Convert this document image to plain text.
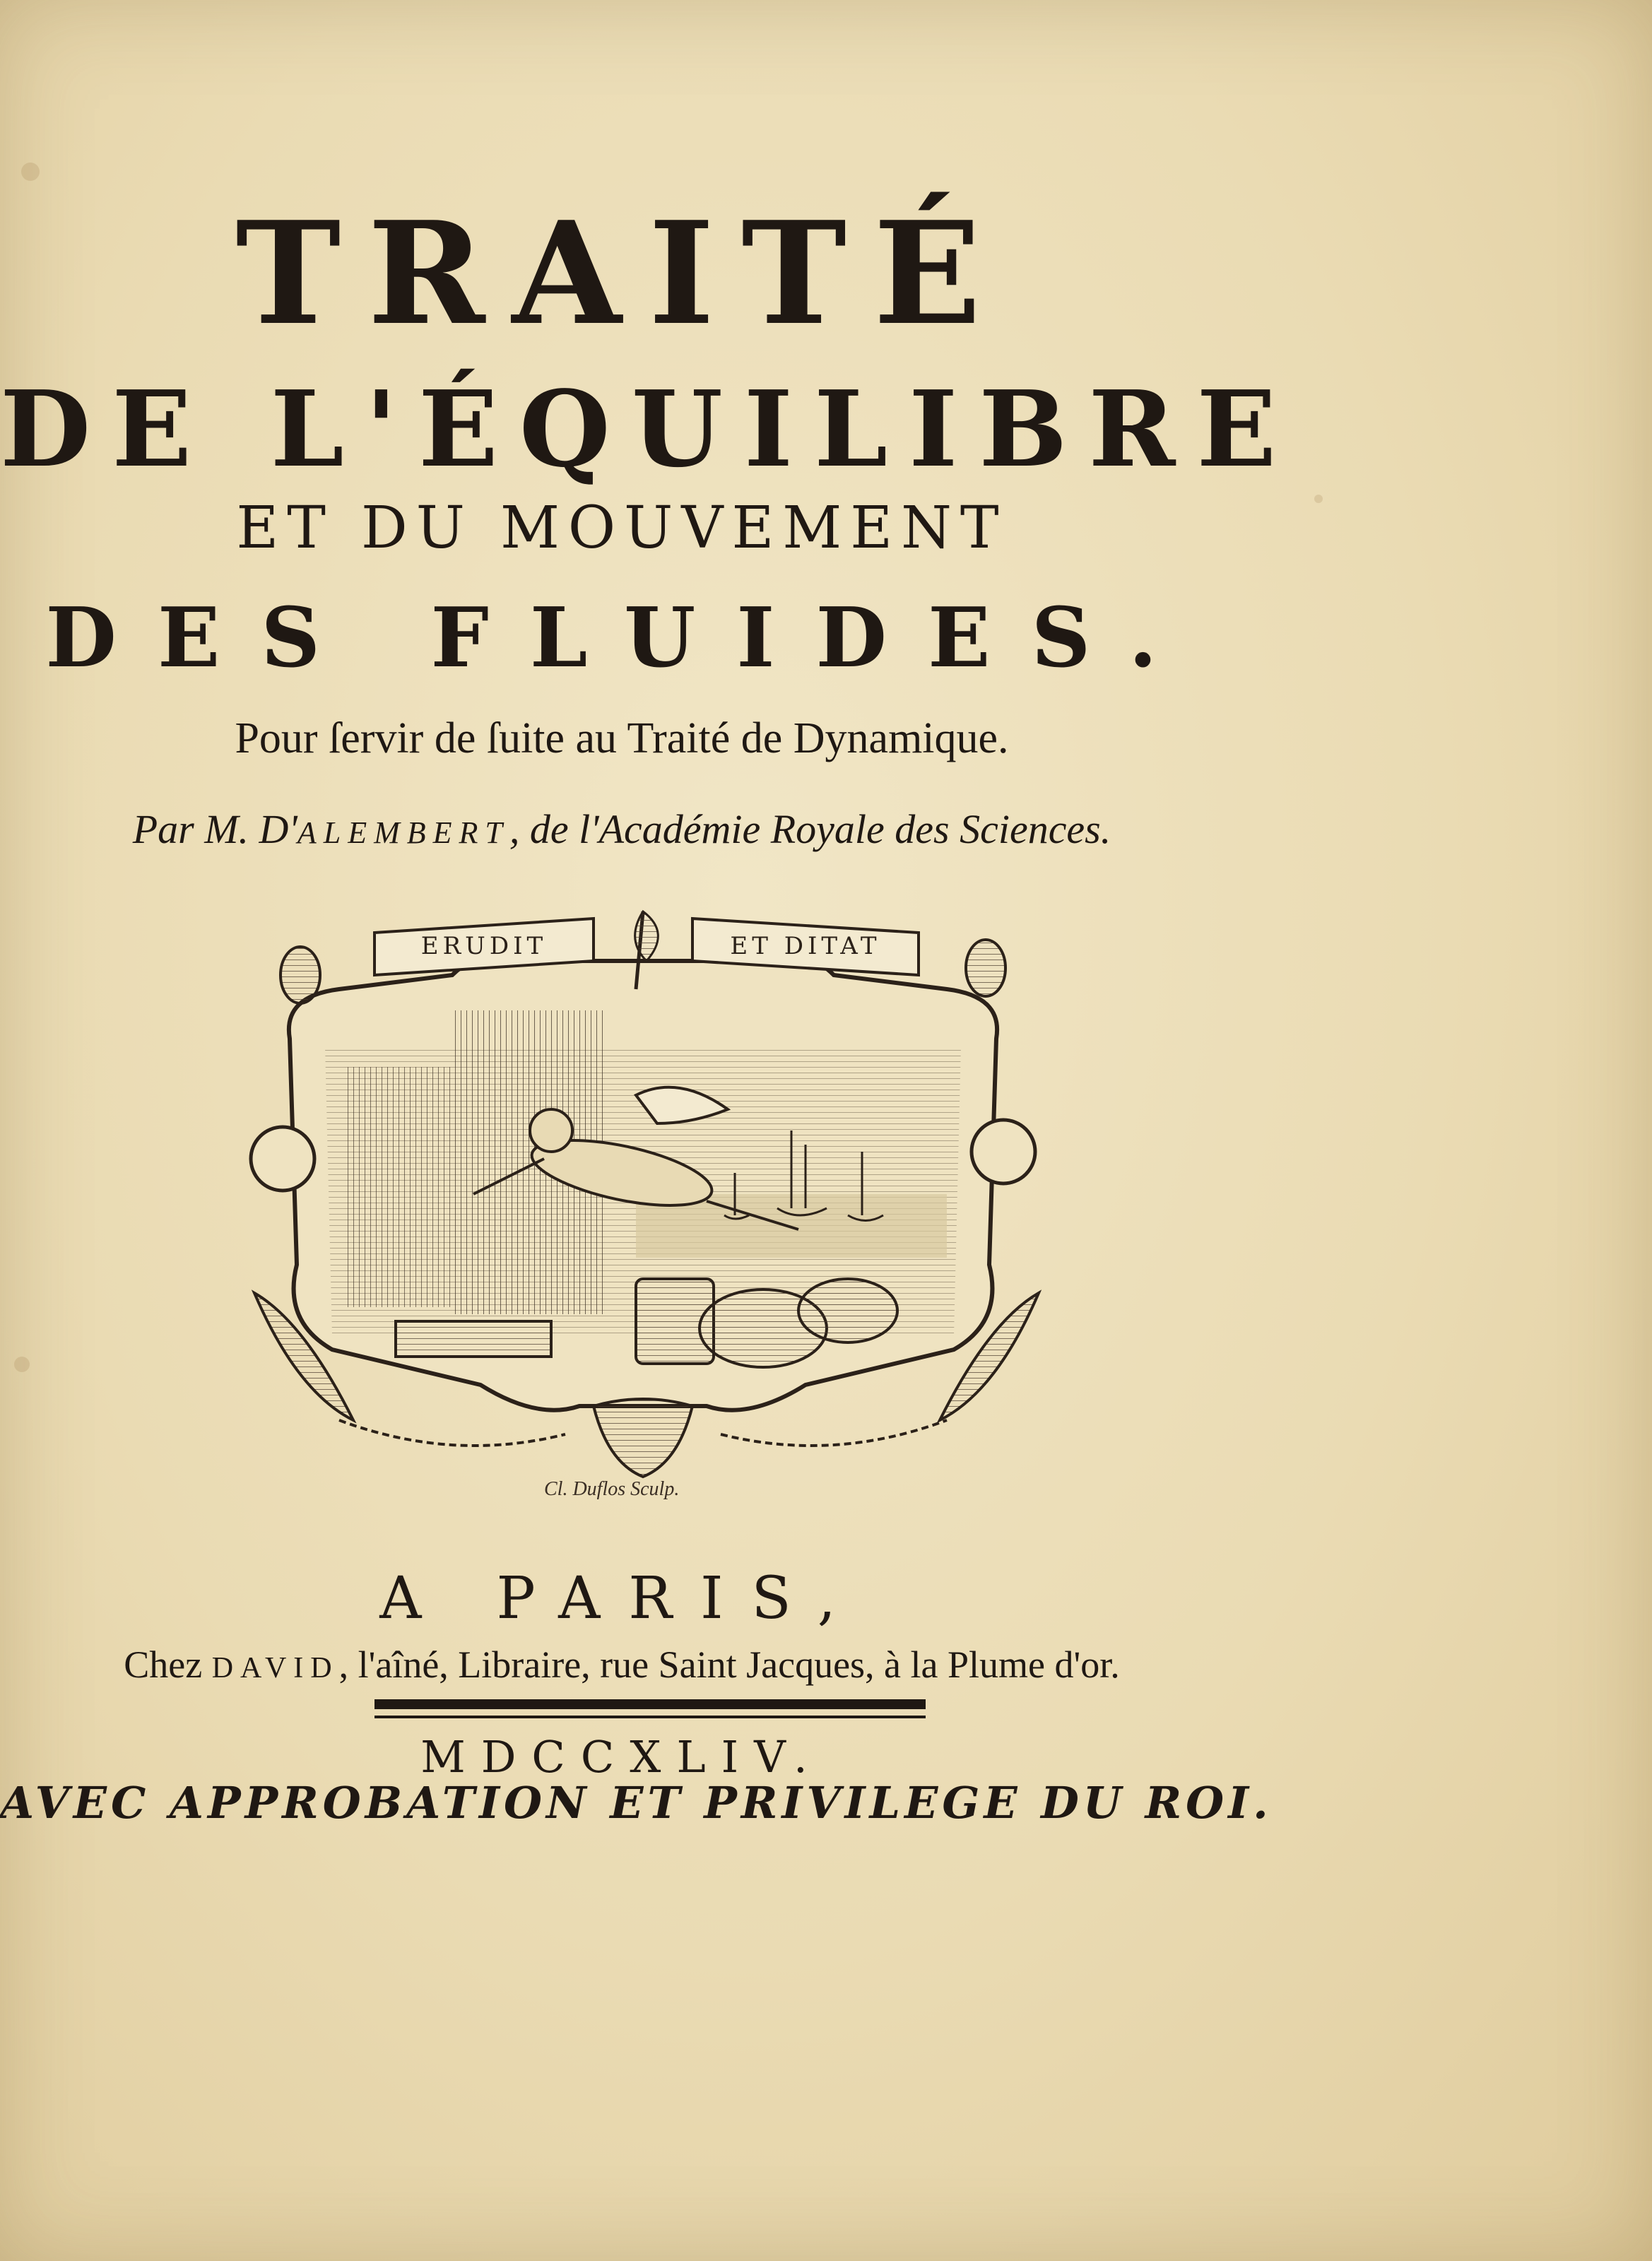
TRAITÉ
DE L'ÉQUILIBRE
ET DU MOUVEMENT
DES FLUIDES.
Pour ſervir de ſuite au Traité de Dynamique.
Par M. D'ALEMBERT, de l'Académie Royale des Sciences.
ERUDIT	ET DITAT
Cl. Duflos Sculp.
A PARIS,
Chez DAVID, l'aîné, Libraire, rue Saint Jacques, à la Plume d'or.
MDCCXLIV.
AVEC APPROBATION ET PRIVILEGE DU ROI.
